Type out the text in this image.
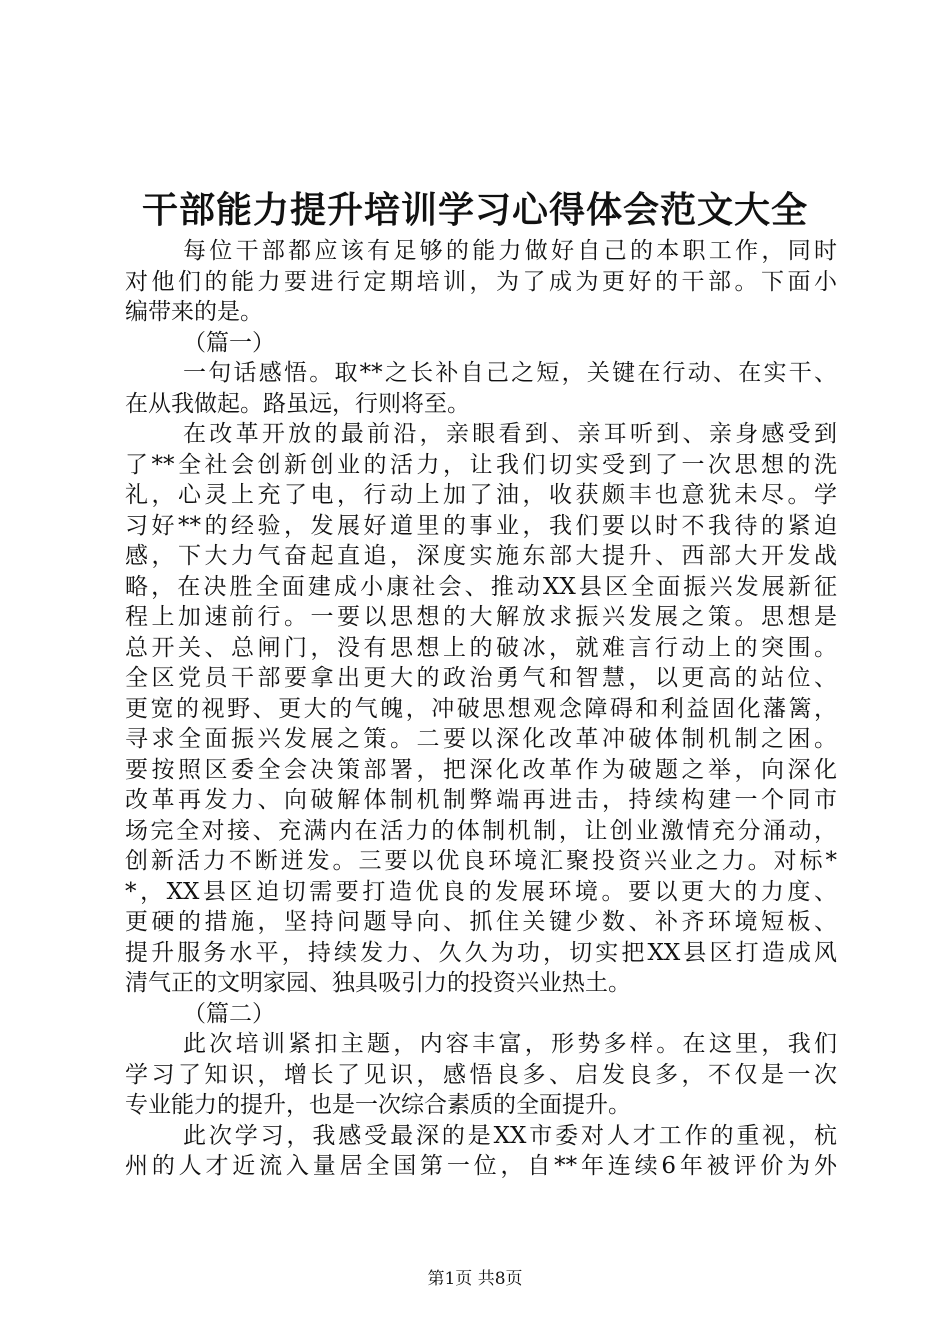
干部能力提升培训学习心得体会范文大全
每位干部都应该有足够的能力做好自己的本职工作，同时
对他们的能力要进行定期培训，为了成为更好的干部。下面小
编带来的是。
（篇一）
一句话感悟。取**之长补自己之短，关键在行动、在实干、
在从我做起。路虽远，行则将至。
在改革开放的最前沿，亲眼看到、亲耳听到、亲身感受到
了**全社会创新创业的活力，让我们切实受到了一次思想的洗
礼，心灵上充了电，行动上加了油，收获颇丰也意犹未尽。学
习好**的经验，发展好道里的事业，我们要以时不我待的紧迫
感，下大力气奋起直追，深度实施东部大提升、西部大开发战
略，在决胜全面建成小康社会、推动XX县区全面振兴发展新征
程上加速前行。一要以思想的大解放求振兴发展之策。思想是
总开关、总闸门，没有思想上的破冰，就难言行动上的突围。
全区党员干部要拿出更大的政治勇气和智慧，以更高的站位、
更宽的视野、更大的气魄，冲破思想观念障碍和利益固化藩篱，
寻求全面振兴发展之策。二要以深化改革冲破体制机制之困。
要按照区委全会决策部署，把深化改革作为破题之举，向深化
改革再发力、向破解体制机制弊端再进击，持续构建一个同市
场完全对接、充满内在活力的体制机制，让创业激情充分涌动，
创新活力不断迸发。三要以优良环境汇聚投资兴业之力。对标*
*，XX县区迫切需要打造优良的发展环境。要以更大的力度、
更硬的措施，坚持问题导向、抓住关键少数、补齐环境短板、
提升服务水平，持续发力、久久为功，切实把XX县区打造成风
清气正的文明家园、独具吸引力的投资兴业热土。
（篇二）
此次培训紧扣主题，内容丰富，形势多样。在这里，我们
学习了知识，增长了见识，感悟良多、启发良多，不仅是一次
专业能力的提升，也是一次综合素质的全面提升。
此次学习，我感受最深的是XX市委对人才工作的重视，杭
州的人才近流入量居全国第一位，自**年连续6年被评价为外
第1页 共8页
